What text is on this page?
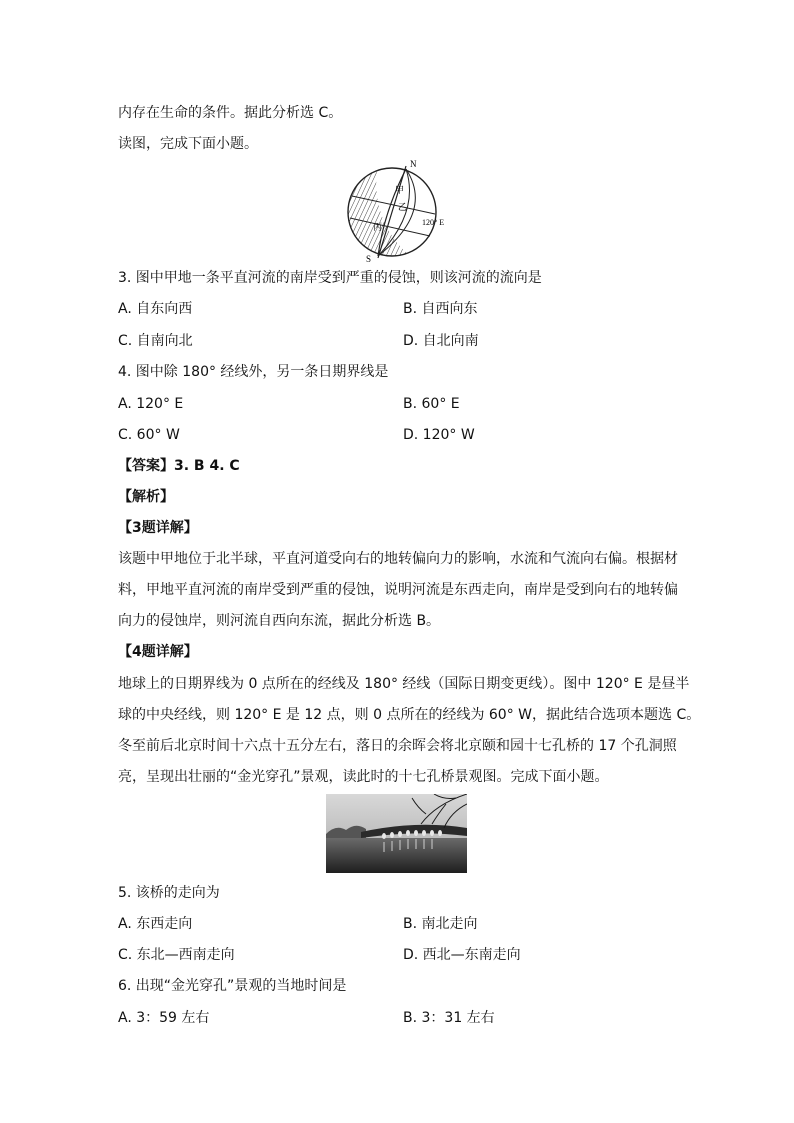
内存在生命的条件。据此分析选 C。
读图，完成下面小题。
N
S
甲
乙
丙	120° E
3. 图中甲地一条平直河流的南岸受到严重的侵蚀，则该河流的流向是
A. 自东向西	B. 自西向东
C. 自南向北	D. 自北向南
4. 图中除 180° 经线外，另一条日期界线是
A. 120° E	B. 60° E
C. 60° W	D. 120° W
【答案】3. B 4. C
【解析】
【3题详解】
该题中甲地位于北半球，平直河道受向右的地转偏向力的影响，水流和气流向右偏。根据材
料，甲地平直河流的南岸受到严重的侵蚀，说明河流是东西走向，南岸是受到向右的地转偏
向力的侵蚀岸，则河流自西向东流，据此分析选 B。
【4题详解】
地球上的日期界线为 0 点所在的经线及 180° 经线（国际日期变更线）。图中 120° E 是昼半
球的中央经线，则 120° E 是 12 点，则 0 点所在的经线为 60° W，据此结合选项本题选 C。
冬至前后北京时间十六点十五分左右，落日的余晖会将北京颐和园十七孔桥的 17 个孔洞照
亮，呈现出壮丽的“金光穿孔”景观，读此时的十七孔桥景观图。完成下面小题。
5. 该桥的走向为
A. 东西走向	B. 南北走向
C. 东北—西南走向	D. 西北—东南走向
6. 出现“金光穿孔”景观的当地时间是
A. 3：59 左右	B. 3：31 左右
